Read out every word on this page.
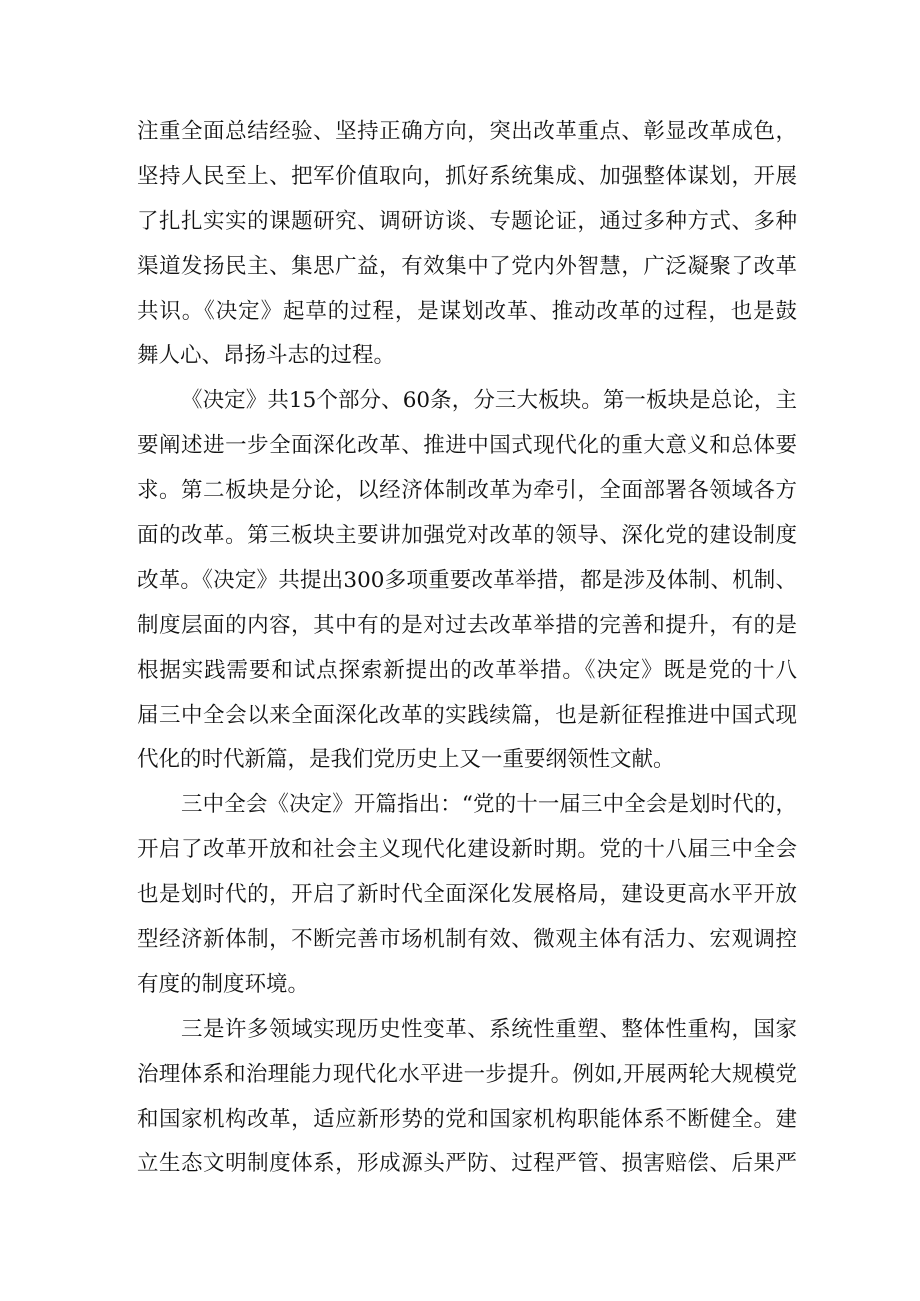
注重全面总结经验、坚持正确方向，突出改革重点、彰显改革成色，
坚持人民至上、把军价值取向，抓好系统集成、加强整体谋划，开展
了扎扎实实的课题研究、调研访谈、专题论证，通过多种方式、多种
渠道发扬民主、集思广益，有效集中了党内外智慧，广泛凝聚了改革
共识。《决定》起草的过程，是谋划改革、推动改革的过程，也是鼓
舞人心、昂扬斗志的过程。
《决定》共15个部分、60条，分三大板块。第一板块是总论，主
要阐述进一步全面深化改革、推进中国式现代化的重大意义和总体要
求。第二板块是分论，以经济体制改革为牵引，全面部署各领域各方
面的改革。第三板块主要讲加强党对改革的领导、深化党的建设制度
改革。《决定》共提出300多项重要改革举措，都是涉及体制、机制、
制度层面的内容，其中有的是对过去改革举措的完善和提升，有的是
根据实践需要和试点探索新提出的改革举措。《决定》既是党的十八
届三中全会以来全面深化改革的实践续篇，也是新征程推进中国式现
代化的时代新篇，是我们党历史上又一重要纲领性文献。
三中全会《决定》开篇指出：“党的十一届三中全会是划时代的，
开启了改革开放和社会主义现代化建设新时期。党的十八届三中全会
也是划时代的，开启了新时代全面深化发展格局，建设更高水平开放
型经济新体制，不断完善市场机制有效、微观主体有活力、宏观调控
有度的制度环境。
三是许多领域实现历史性变革、系统性重塑、整体性重构，国家
治理体系和治理能力现代化水平进一步提升。例如,开展两轮大规模党
和国家机构改革，适应新形势的党和国家机构职能体系不断健全。建
立生态文明制度体系，形成源头严防、过程严管、损害赔偿、后果严
